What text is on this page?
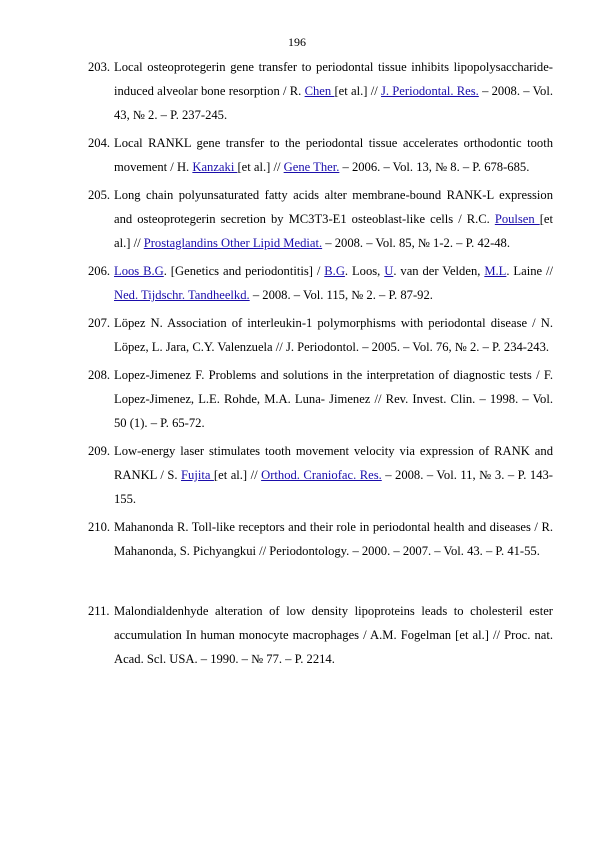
196
203. Local osteoprotegerin gene transfer to periodontal tissue inhibits lipopolysaccharide-induced alveolar bone resorption / R. Chen [et al.] // J. Periodontal. Res. – 2008. – Vol. 43, № 2. – P. 237-245.
204. Local RANKL gene transfer to the periodontal tissue accelerates orthodontic tooth movement / H. Kanzaki [et al.] // Gene Ther. – 2006. – Vol. 13, № 8. – P. 678-685.
205. Long chain polyunsaturated fatty acids alter membrane-bound RANK-L expression and osteoprotegerin secretion by MC3T3-E1 osteoblast-like cells / R.C. Poulsen [et al.] // Prostaglandins Other Lipid Mediat. – 2008. – Vol. 85, № 1-2. – P. 42-48.
206. Loos B.G. [Genetics and periodontitis] / B.G. Loos, U. van der Velden, M.L. Laine // Ned. Tijdschr. Tandheelkd. – 2008. – Vol. 115, № 2. – P. 87-92.
207. Lӧpez N. Association of interleukin-1 polymorphisms with periodontal disease / N. Lӧpez, L. Jara, C.Y. Valenzuela // J. Periodontol. – 2005. – Vol. 76, № 2. – P. 234-243.
208. Lopez-Jimenez F. Problems and solutions in the interpretation of diagnostic tests / F. Lopez-Jimenez, L.E. Rohde, M.A. Luna- Jimenez // Rev. Invest. Clin. – 1998. – Vol. 50 (1). – P. 65-72.
209. Low-energy laser stimulates tooth movement velocity via expression of RANK and RANKL / S. Fujita [et al.] // Orthod. Craniofac. Res. – 2008. – Vol. 11, № 3. – P. 143-155.
210. Mahanonda R. Toll-like receptors and their role in periodontal health and diseases / R. Mahanonda, S. Pichyangkui // Periodontology. – 2000. – 2007. – Vol. 43. – P. 41-55.
211. Malondialdenhyde alteration of low density lipoproteins leads to cholesteril ester accumulation In human monocyte macrophages / A.M. Fogelman [et al.] // Proc. nat. Acad. Scl. USA. – 1990. – № 77. – P. 2214.
